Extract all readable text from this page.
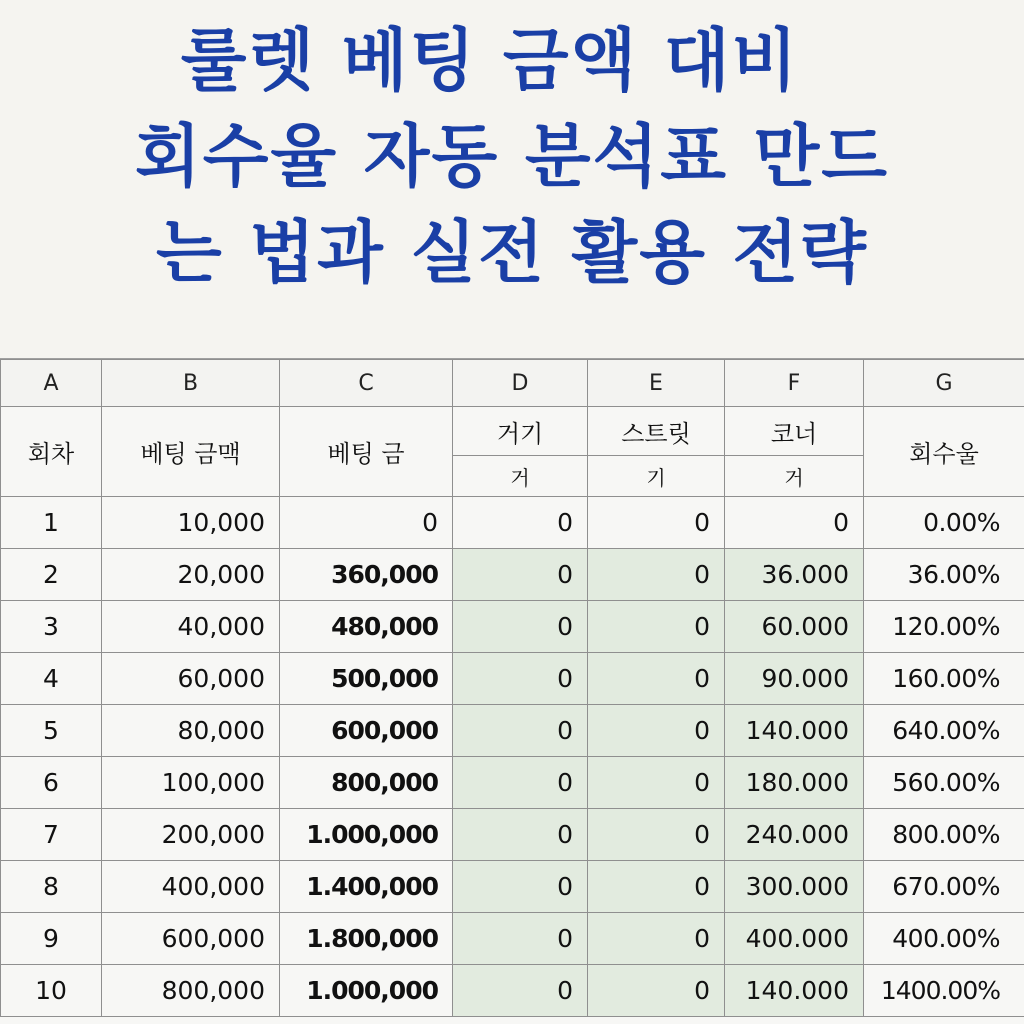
룰렛 베팅 금액 대비
회수율 자동 분석표 만드
는 법과 실전 활용 전략
A	B	C	D	E	F	G
회차	베팅 금맥	베팅 금	거기	스트릿	코너	회수울
			거	기	거	
1	10,000	0	0	0	0	0.00%
2	20,000	360,000	0	0	36.000	36.00%
3	40,000	480,000	0	0	60.000	120.00%
4	60,000	500,000	0	0	90.000	160.00%
5	80,000	600,000	0	0	140.000	640.00%
6	100,000	800,000	0	0	180.000	560.00%
7	200,000	1.000,000	0	0	240.000	800.00%
8	400,000	1.400,000	0	0	300.000	670.00%
9	600,000	1.800,000	0	0	400.000	400.00%
10	800,000	1.000,000	0	0	140.000	1400.00%
